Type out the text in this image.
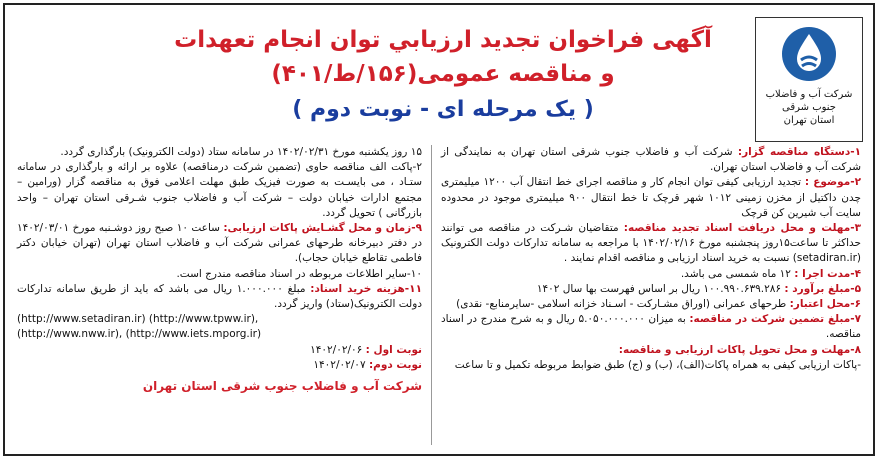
شرکت آب و فاضلاب
جنوب شرقی
استان تهران
آگهی فراخوان تجدید ارزیابي توان انجام تعهدات
و مناقصه عمومی(۱۵۶/ط/۴۰۱)
( يک مرحله ای - نوبت دوم )

۱-دستگاه مناقصه گزار: شرکت آب و فاضلاب جنوب شرقی استان تهران به نمایندگی از شرکت آب و فاضلاب استان تهران.

۲-موضوع : تجدید ارزیابی کیفی توان انجام کار و مناقصه اجرای خط انتقال آب ۱۲۰۰ میلیمتری چدن داکتیل از مخزن زمینی ۱۰۱۲ شهر قرچک تا خط انتقال ۹۰۰ میلیمتری موجود در محدوده سایت آب شیرین کن قرچک

۳-مهلت و محل دریافت اسناد تجدید مناقصه: متقاضیان شـرکت در مناقصه می توانند حداکثر تا ساعت۱۵روز پنجشنبه مورخ ۱۴۰۲/۰۲/۱۶ با مراجعه به سامانه تدارکات دولت الکترونیک (setadiran.ir) نسبت به خرید اسناد ارزیابی و مناقصه اقدام نمایند .

۴-مدت اجرا : ۱۲ ماه شمسی می باشد.

۵-مبلغ برآورد : ۱۰۰.۹۹۰.۶۳۹.۲۸۶ ریال بر اساس فهرست بها سال ۱۴۰۲

۶-محل اعتبار: طرحهای عمرانی (اوراق مشـارکت - اسـناد خزانه اسلامی -سایرمنابع- نقدی)

۷-مبلغ تضمین شرکت در مناقصه: به میزان ۵.۰۵۰.۰۰۰.۰۰۰ ریال و به شرح مندرج در اسناد مناقصه.

۸-مهلت و محل تحویل پاکات ارزیابی و مناقصه:

-پاکات ارزیابی کیفی به همراه پاکات(الف)، (ب) و (ج) طبق ضوابط مربوطه تکمیل و تا ساعت

۱۵ روز یکشنبه مورخ ۱۴۰۲/۰۲/۳۱ در سامانه ستاد (دولت الکترونیک) بارگذاری گردد.

۲-پاکت الف مناقصه حاوی (تضمین شرکت درمناقصه) علاوه بر ارائه و بارگذاری در سامانه ستـاد ، می بایسـت به صورت فیزیک طبق مهلت اعلامی فوق به مناقصه گزار (ورامین – مجتمع ادارات خیابان دولت – شرکت آب و فاضلاب جنوب شـرقی استان تهران – واحد بازرگانی ) تحویل گردد.

۹-زمان و محل گشـایش پاکات ارزیابی: ساعت ۱۰ صبح روز دوشـنبه مورخ ۱۴۰۲/۰۳/۰۱ در دفتر دبیرخانه طرحهای عمرانی شرکت آب و فاضلاب استان تهران (تهران خیابان دکتر فاطمی تقاطع خیابان حجاب).

۱۰-سایر اطلاعات مربوطه در اسناد مناقصه مندرج است.

۱۱-هزینه خرید اسناد: مبلغ ۱.۰۰۰.۰۰۰ ریال می باشد که باید از طریق سامانه تدارکات دولت الکترونیک(ستاد) واریز گردد.

(http://www.setadiran.ir) (http://www.tpww.ir),

(http://www.nww.ir), (http://www.iets.mporg.ir)

نوبت اول : ۱۴۰۲/۰۲/۰۶

نوبت دوم: ۱۴۰۲/۰۲/۰۷

شرکت آب و فاضلاب جنوب شرقی استان تهران
